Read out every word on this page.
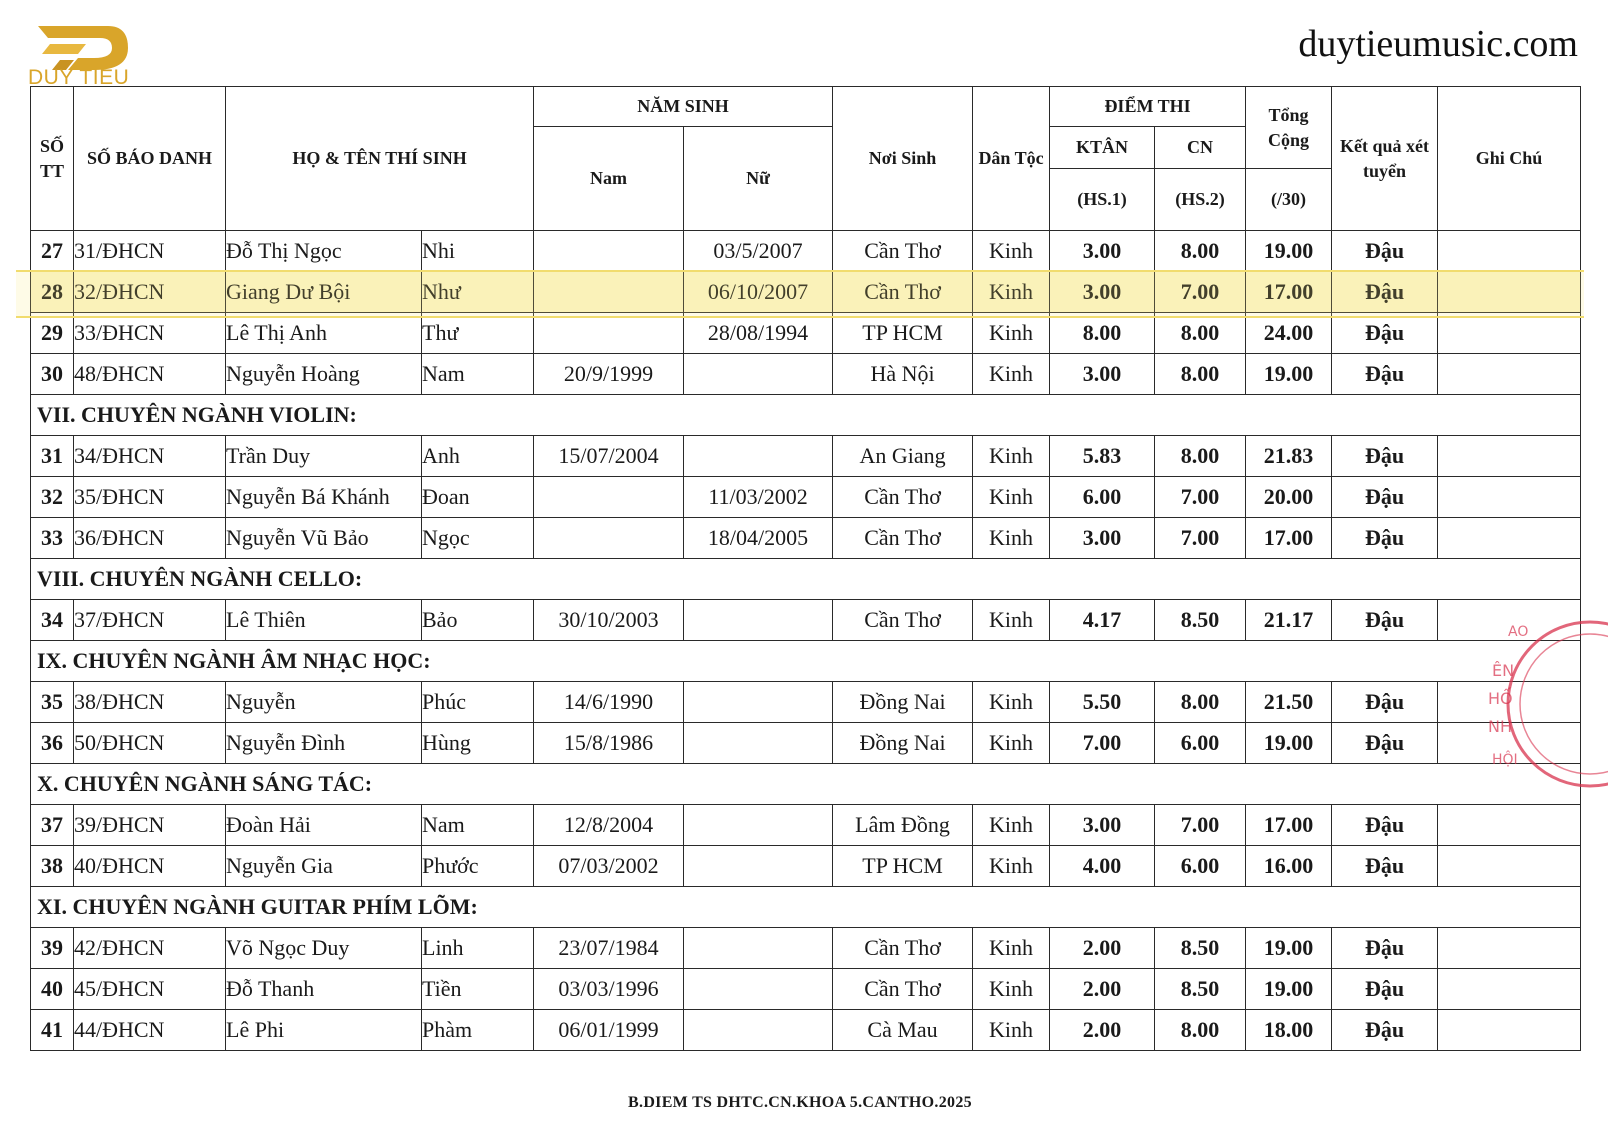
DUY TIEU
duytieumusic.com
SỐ TT	SỐ BÁO DANH	HỌ & TÊN THÍ SINH		NĂM SINH		Nơi Sinh	Dân Tộc	ĐIỂM THI		Tổng Cộng	Kết quả xét tuyển	Ghi Chú
				Nam	Nữ			KTÂN	CN			
								(HS.1)	(HS.2)	(/30)		
27	31/ĐHCN	Đỗ Thị Ngọc	Nhi		03/5/2007	Cần Thơ	Kinh	3.00	8.00	19.00	Đậu	
28	32/ĐHCN	Giang Dư Bội	Như		06/10/2007	Cần Thơ	Kinh	3.00	7.00	17.00	Đậu	
29	33/ĐHCN	Lê Thị Anh	Thư		28/08/1994	TP HCM	Kinh	8.00	8.00	24.00	Đậu	
30	48/ĐHCN	Nguyễn Hoàng	Nam	20/9/1999		Hà Nội	Kinh	3.00	8.00	19.00	Đậu	
VII. CHUYÊN NGÀNH VIOLIN:												
31	34/ĐHCN	Trần Duy	Anh	15/07/2004		An Giang	Kinh	5.83	8.00	21.83	Đậu	
32	35/ĐHCN	Nguyễn Bá Khánh	Đoan		11/03/2002	Cần Thơ	Kinh	6.00	7.00	20.00	Đậu	
33	36/ĐHCN	Nguyễn Vũ Bảo	Ngọc		18/04/2005	Cần Thơ	Kinh	3.00	7.00	17.00	Đậu	
VIII. CHUYÊN NGÀNH CELLO:												
34	37/ĐHCN	Lê Thiên	Bảo	30/10/2003		Cần Thơ	Kinh	4.17	8.50	21.17	Đậu	
IX. CHUYÊN NGÀNH ÂM NHẠC HỌC:												
35	38/ĐHCN	Nguyễn	Phúc	14/6/1990		Đồng Nai	Kinh	5.50	8.00	21.50	Đậu	
36	50/ĐHCN	Nguyễn Đình	Hùng	15/8/1986		Đồng Nai	Kinh	7.00	6.00	19.00	Đậu	
X. CHUYÊN NGÀNH SÁNG TÁC:												
37	39/ĐHCN	Đoàn Hải	Nam	12/8/2004		Lâm Đồng	Kinh	3.00	7.00	17.00	Đậu	
38	40/ĐHCN	Nguyễn Gia	Phước	07/03/2002		TP HCM	Kinh	4.00	6.00	16.00	Đậu	
XI. CHUYÊN NGÀNH GUITAR PHÍM LÕM:												
39	42/ĐHCN	Võ Ngọc Duy	Linh	23/07/1984		Cần Thơ	Kinh	2.00	8.50	19.00	Đậu	
40	45/ĐHCN	Đỗ Thanh	Tiền	03/03/1996		Cần Thơ	Kinh	2.00	8.50	19.00	Đậu	
41	44/ĐHCN	Lê Phi	Phàm	06/01/1999		Cà Mau	Kinh	2.00	8.00	18.00	Đậu	
AO
ÊN
HỐ
NH
HỘI
B.DIEM TS DHTC.CN.KHOA 5.CANTHO.2025
